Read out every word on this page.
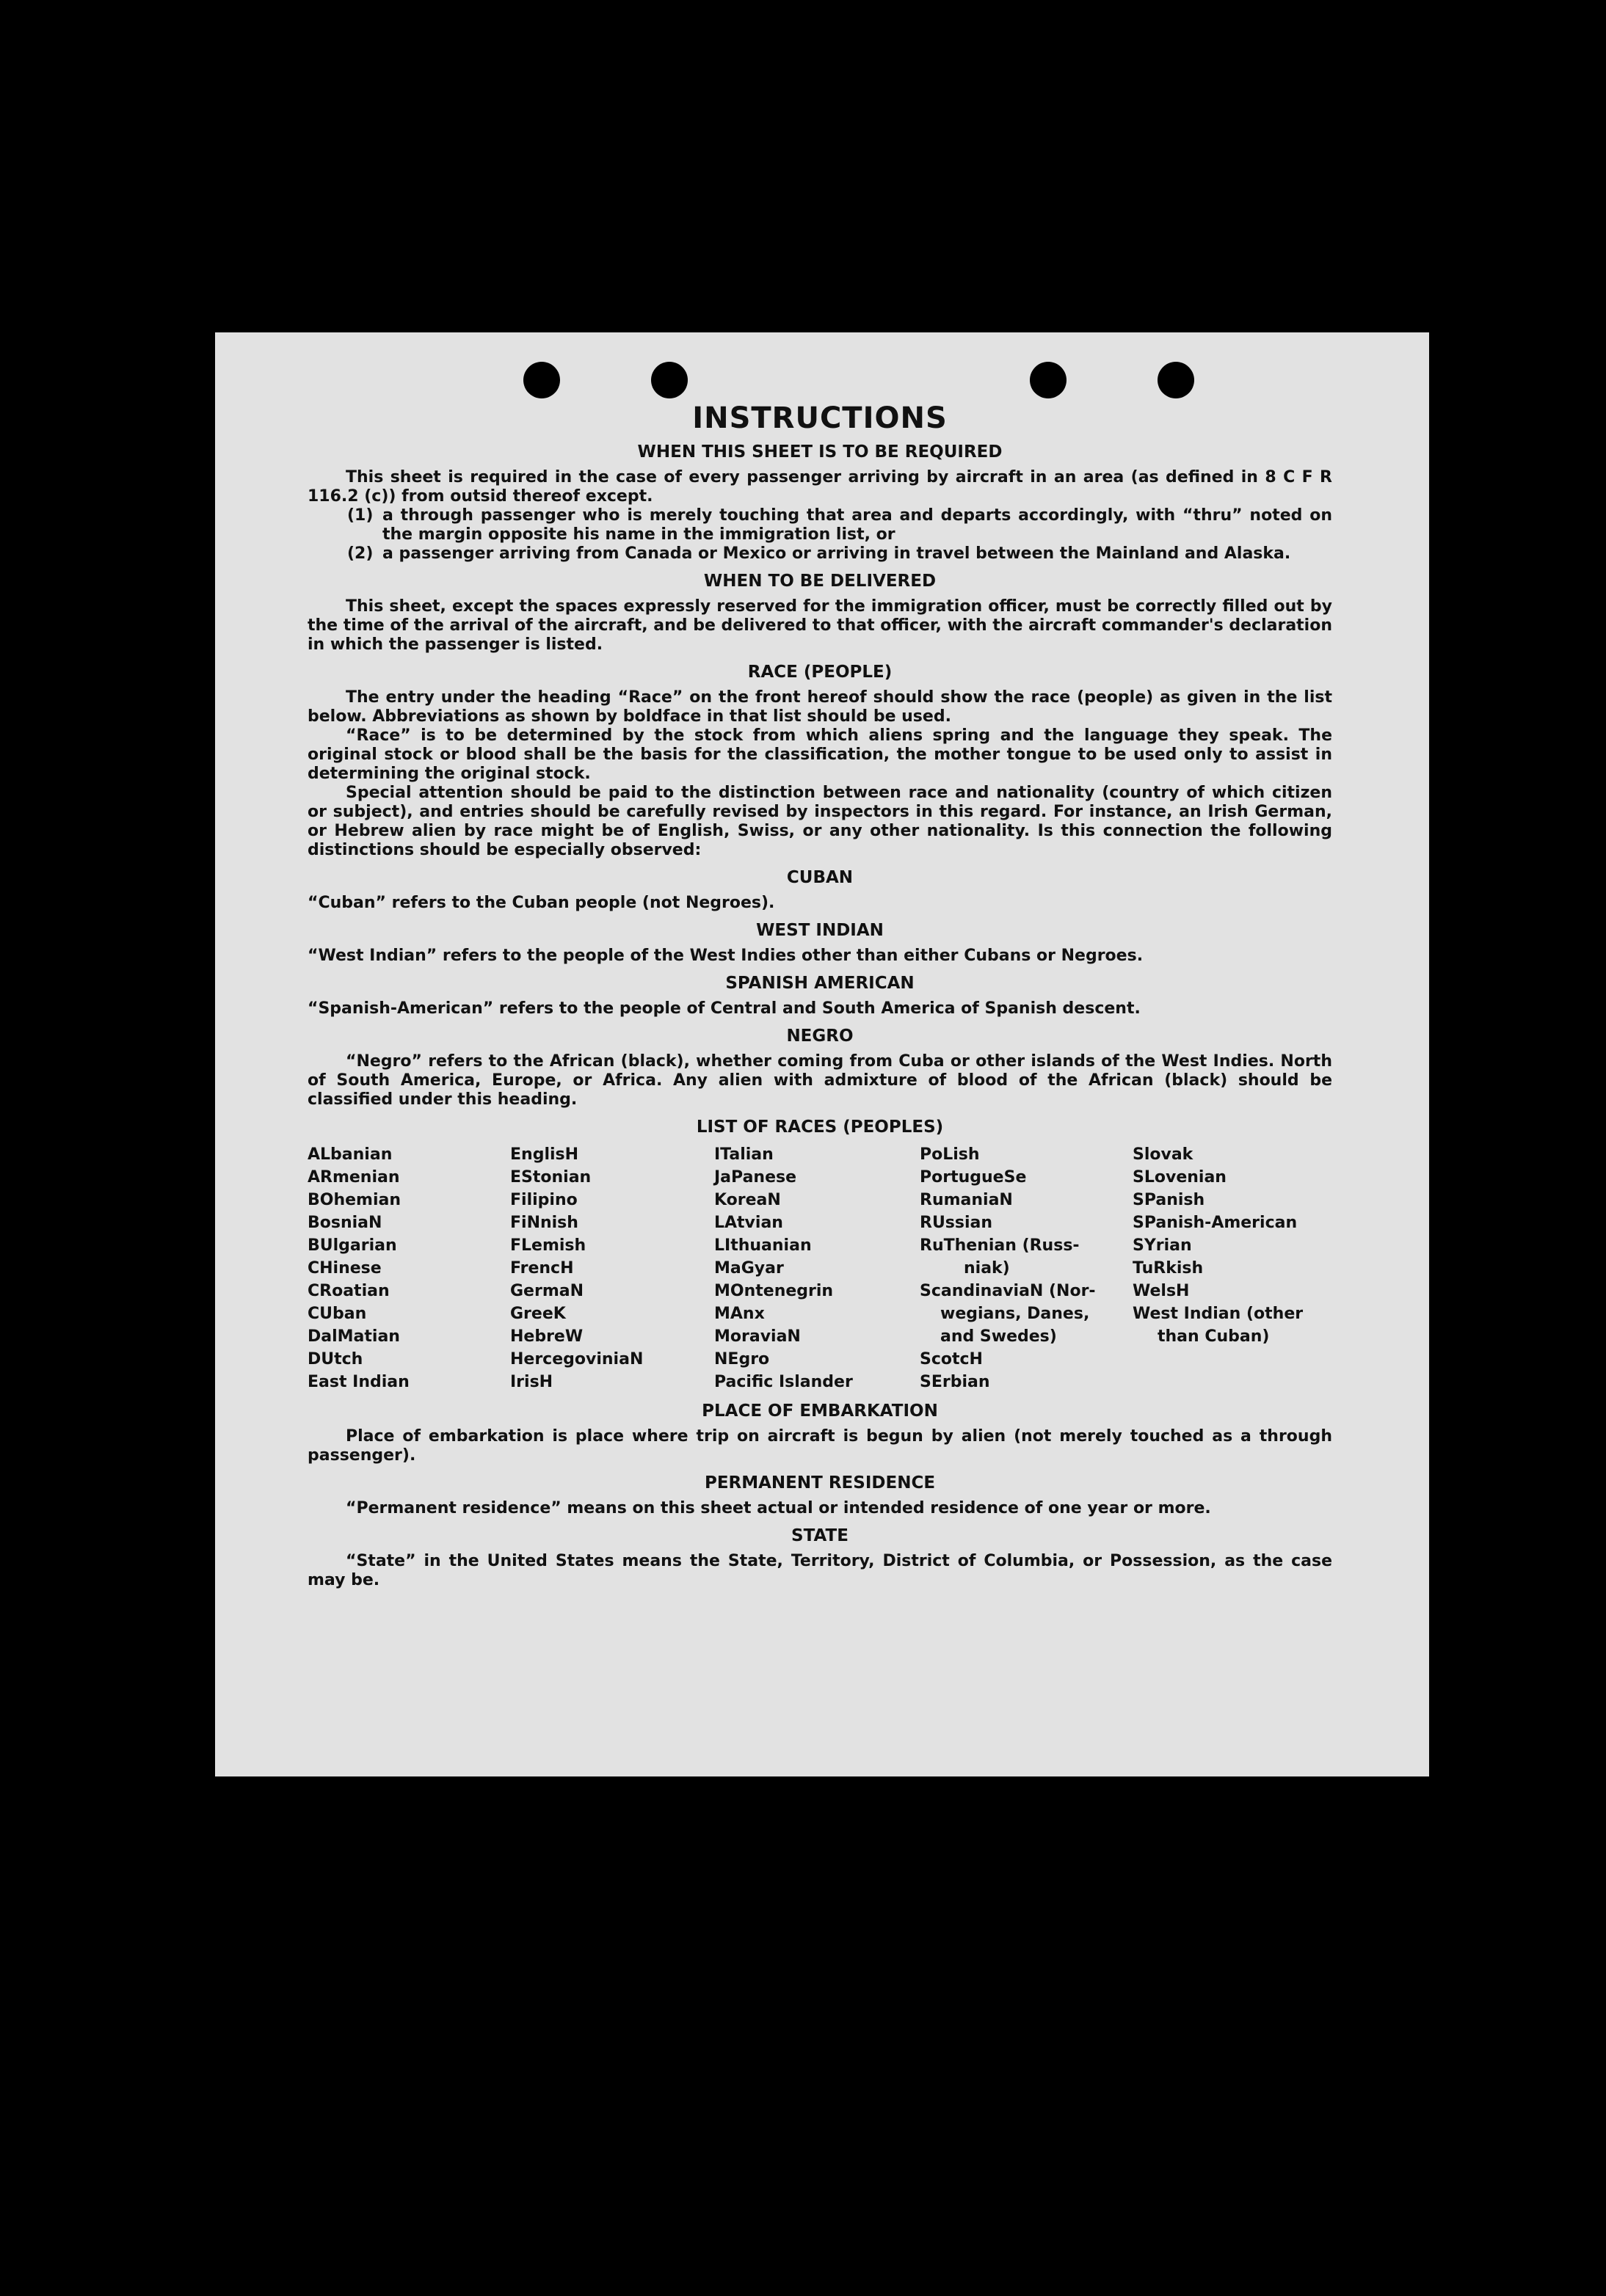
INSTRUCTIONS
WHEN THIS SHEET IS TO BE REQUIRED

This sheet is required in the case of every passenger arriving by aircraft in an area (as defined in 8 C F R 116.2 (c)) from outsid thereof except.

(1) a through passenger who is merely touching that area and departs accordingly, with “thru” noted on the margin opposite his name in the immigration list, or
(2) a passenger arriving from Canada or Mexico or arriving in travel between the Mainland and Alaska.
WHEN TO BE DELIVERED

This sheet, except the spaces expressly reserved for the immigration officer, must be correctly filled out by the time of the arrival of the aircraft, and be delivered to that officer, with the aircraft commander's declaration in which the passenger is listed.

RACE (PEOPLE)

The entry under the heading “Race” on the front hereof should show the race (people) as given in the list below. Abbreviations as shown by boldface in that list should be used.

“Race” is to be determined by the stock from which aliens spring and the language they speak. The original stock or blood shall be the basis for the classification, the mother tongue to be used only to assist in determining the original stock.

Special attention should be paid to the distinction between race and nationality (country of which citizen or subject), and entries should be carefully revised by inspectors in this regard. For instance, an Irish German, or Hebrew alien by race might be of English, Swiss, or any other nationality. Is this connection the following distinctions should be especially observed:

CUBAN

“Cuban” refers to the Cuban people (not Negroes).

WEST INDIAN

“West Indian” refers to the people of the West Indies other than either Cubans or Negroes.

SPANISH AMERICAN

“Spanish-American” refers to the people of Central and South America of Spanish descent.

NEGRO

“Negro” refers to the African (black), whether coming from Cuba or other islands of the West Indies. North of South America, Europe, or Africa. Any alien with admixture of blood of the African (black) should be classified under this heading.

LIST OF RACES (PEOPLES)
ALbanian
ARmenian
BOhemian
BosniaN
BUlgarian
CHinese
CRoatian
CUban
DalMatian
DUtch
East Indian
EnglisH
EStonian
Filipino
FiNnish
FLemish
FrencH
GermaN
GreeK
HebreW
HercegoviniaN
IrisH
ITalian
JaPanese
KoreaN
LAtvian
LIthuanian
MaGyar
MOntenegrin
MAnx
MoraviaN
NEgro
Pacific Islander
PoLish
PortugueSe
RumaniaN
RUssian
RuThenian (Russ-
niak)
ScandinaviaN (Nor-
wegians, Danes,
and Swedes)
ScotcH
SErbian
Slovak
SLovenian
SPanish
SPanish-American
SYrian
TuRkish
WelsH
West Indian (other
than Cuban)
PLACE OF EMBARKATION

Place of embarkation is place where trip on aircraft is begun by alien (not merely touched as a through passenger).

PERMANENT RESIDENCE

“Permanent residence” means on this sheet actual or intended residence of one year or more.

STATE

“State” in the United States means the State, Territory, District of Columbia, or Possession, as the case may be.
